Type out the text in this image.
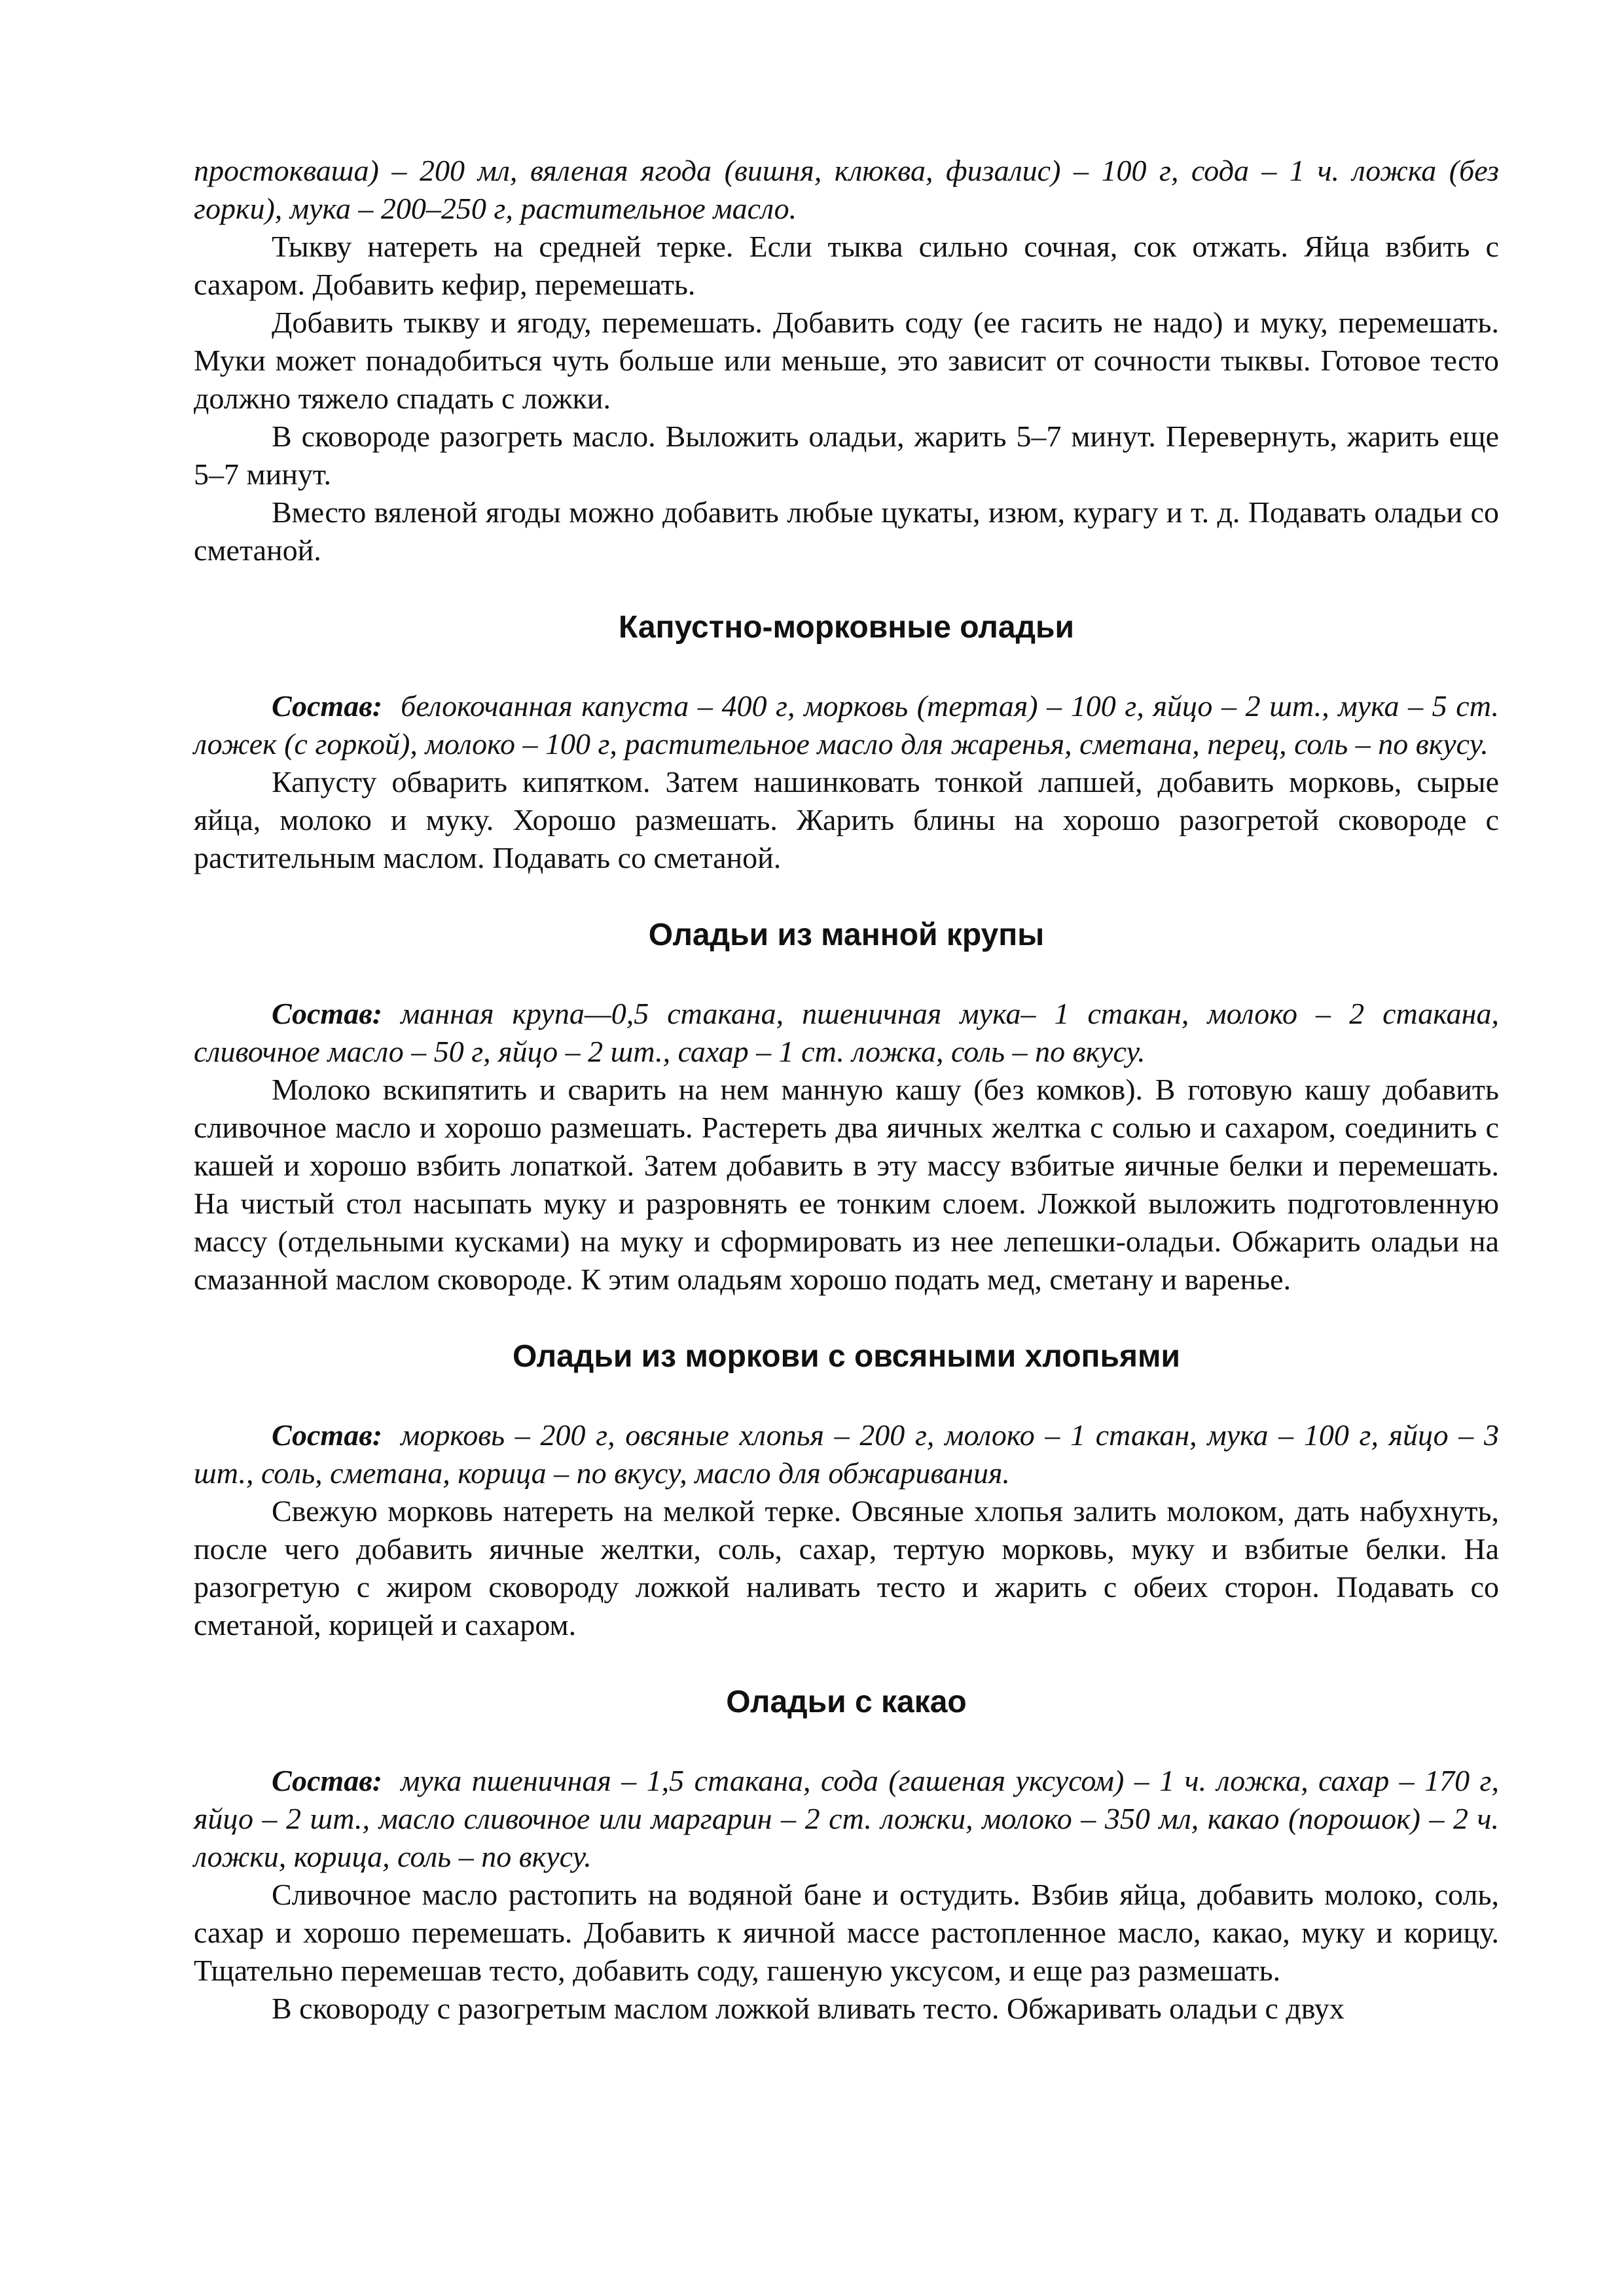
простокваша) – 200 мл, вяленая ягода (вишня, клюква, физалис) – 100 г, сода – 1 ч. ложка (без горки), мука – 200–250 г, растительное масло.

Тыкву натереть на средней терке. Если тыква сильно сочная, сок отжать. Яйца взбить с сахаром. Добавить кефир, перемешать.

Добавить тыкву и ягоду, перемешать. Добавить соду (ее гасить не надо) и муку, перемешать. Муки может понадобиться чуть больше или меньше, это зависит от сочности тыквы. Готовое тесто должно тяжело спадать с ложки.

В сковороде разогреть масло. Выложить оладьи, жарить 5–7 минут. Перевернуть, жарить еще 5–7 минут.

Вместо вяленой ягоды можно добавить любые цукаты, изюм, курагу и т. д. Подавать оладьи со сметаной.

Капустно-морковные оладьи

Состав: белокочанная капуста – 400 г, морковь (тертая) – 100 г, яйцо – 2 шт., мука – 5 ст. ложек (с горкой), молоко – 100 г, растительное масло для жаренья, сметана, перец, соль – по вкусу.

Капусту обварить кипятком. Затем нашинковать тонкой лапшей, добавить морковь, сырые яйца, молоко и муку. Хорошо размешать. Жарить блины на хорошо разогретой сковороде с растительным маслом. Подавать со сметаной.

Оладьи из манной крупы

Состав: манная крупа—0,5 стакана, пшеничная мука– 1 стакан, молоко – 2 стакана, сливочное масло – 50 г, яйцо – 2 шт., сахар – 1 ст. ложка, соль – по вкусу.

Молоко вскипятить и сварить на нем манную кашу (без комков). В готовую кашу добавить сливочное масло и хорошо размешать. Растереть два яичных желтка с солью и сахаром, соединить с кашей и хорошо взбить лопаткой. Затем добавить в эту массу взбитые яичные белки и перемешать. На чистый стол насыпать муку и разровнять ее тонким слоем. Ложкой выложить подготовленную массу (отдельными кусками) на муку и сформировать из нее лепешки-оладьи. Обжарить оладьи на смазанной маслом сковороде. К этим оладьям хорошо подать мед, сметану и варенье.

Оладьи из моркови с овсяными хлопьями

Состав: морковь – 200 г, овсяные хлопья – 200 г, молоко – 1 стакан, мука – 100 г, яйцо – 3 шт., соль, сметана, корица – по вкусу, масло для обжаривания.

Свежую морковь натереть на мелкой терке. Овсяные хлопья залить молоком, дать набухнуть, после чего добавить яичные желтки, соль, сахар, тертую морковь, муку и взбитые белки. На разогретую с жиром сковороду ложкой наливать тесто и жарить с обеих сторон. Подавать со сметаной, корицей и сахаром.

Оладьи с какао

Состав: мука пшеничная – 1,5 стакана, сода (гашеная уксусом) – 1 ч. ложка, сахар – 170 г, яйцо – 2 шт., масло сливочное или маргарин – 2 ст. ложки, молоко – 350 мл, какао (порошок) – 2 ч. ложки, корица, соль – по вкусу.

Сливочное масло растопить на водяной бане и остудить. Взбив яйца, добавить молоко, соль, сахар и хорошо перемешать. Добавить к яичной массе растопленное масло, какао, муку и корицу. Тщательно перемешав тесто, добавить соду, гашеную уксусом, и еще раз размешать.

В сковороду с разогретым маслом ложкой вливать тесто. Обжаривать оладьи с двух
